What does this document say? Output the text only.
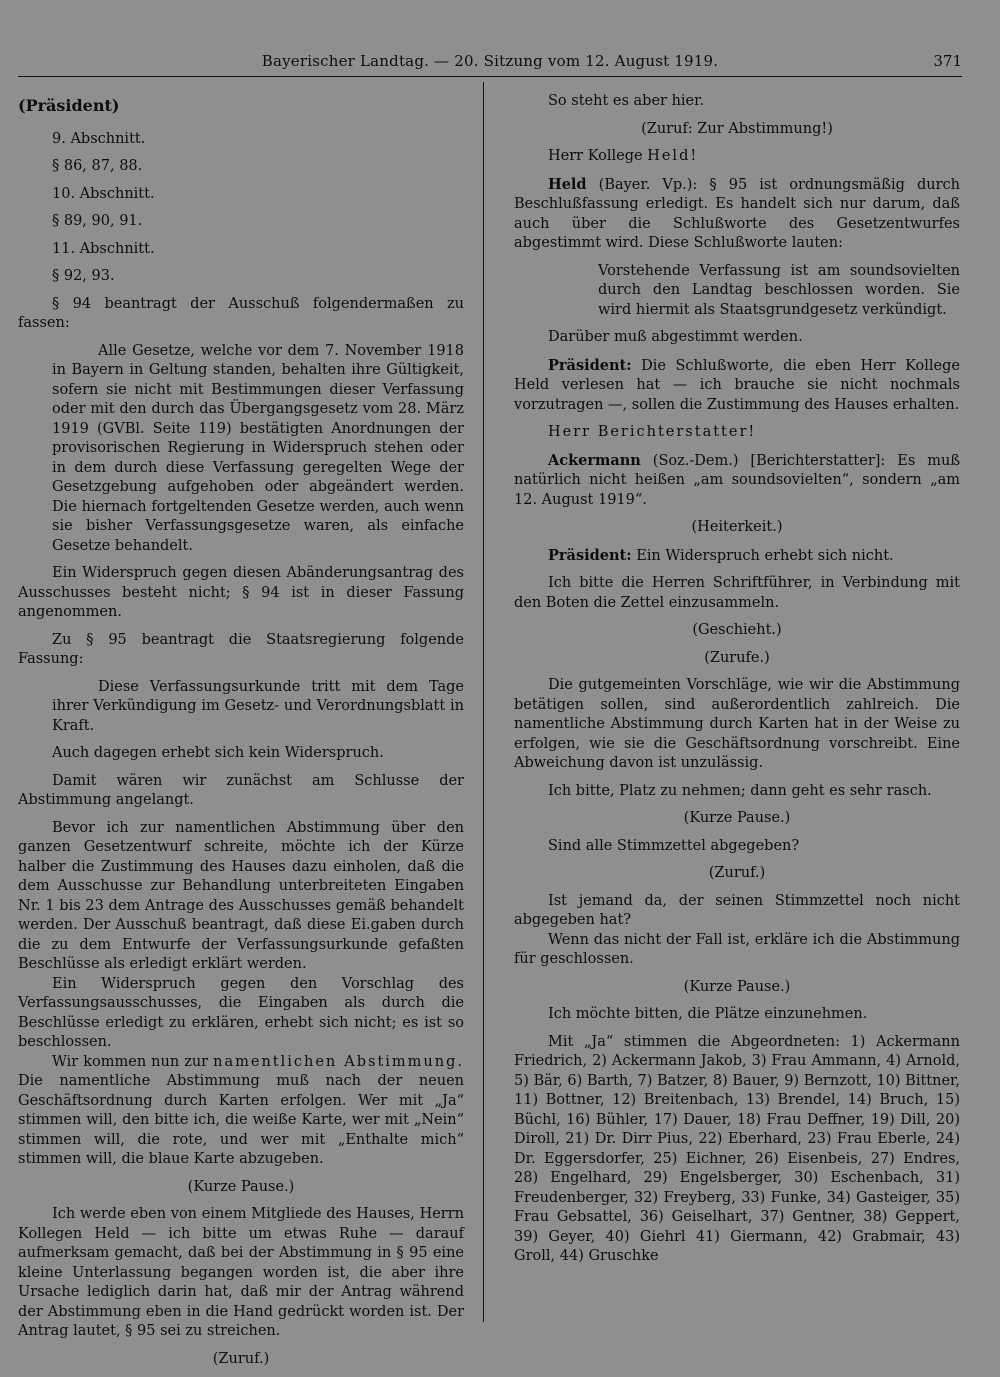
Bayerischer Landtag. — 20. Sitzung vom 12. August 1919.	371
(Präsident)

9. Abschnitt.

§ 86, 87, 88.

10. Abschnitt.

§ 89, 90, 91.

11. Abschnitt.

§ 92, 93.

§ 94 beantragt der Ausschuß folgendermaßen zu fassen:

Alle Gesetze, welche vor dem 7. November 1918 in Bayern in Geltung standen, behalten ihre Gültigkeit, sofern sie nicht mit Bestimmungen dieser Verfassung oder mit den durch das Übergangsgesetz vom 28. März 1919 (GVBl. Seite 119) bestätigten Anordnungen der provisorischen Regierung in Widerspruch stehen oder in dem durch diese Verfassung geregelten Wege der Gesetzgebung aufgehoben oder abgeändert werden. Die hiernach fortgeltenden Gesetze werden, auch wenn sie bisher Verfassungsgesetze waren, als einfache Gesetze behandelt.

Ein Widerspruch gegen diesen Abänderungsantrag des Ausschusses besteht nicht; § 94 ist in dieser Fassung angenommen.

Zu § 95 beantragt die Staatsregierung folgende Fassung:

Diese Verfassungsurkunde tritt mit dem Tage ihrer Verkündigung im Gesetz- und Verordnungsblatt in Kraft.

Auch dagegen erhebt sich kein Widerspruch.

Damit wären wir zunächst am Schlusse der Abstimmung angelangt.

Bevor ich zur namentlichen Abstimmung über den ganzen Gesetzentwurf schreite, möchte ich der Kürze halber die Zustimmung des Hauses dazu einholen, daß die dem Ausschusse zur Behandlung unterbreiteten Eingaben Nr. 1 bis 23 dem Antrage des Ausschusses gemäß behandelt werden. Der Ausschuß beantragt, daß diese Ei.gaben durch die zu dem Entwurfe der Verfassungsurkunde gefaßten Beschlüsse als erledigt erklärt werden.

Ein Widerspruch gegen den Vorschlag des Verfassungsausschusses, die Eingaben als durch die Beschlüsse erledigt zu erklären, erhebt sich nicht; es ist so beschlossen.

Wir kommen nun zur namentlichen Abstimmung. Die namentliche Abstimmung muß nach der neuen Geschäftsordnung durch Karten erfolgen. Wer mit „Ja“ stimmen will, den bitte ich, die weiße Karte, wer mit „Nein“ stimmen will, die rote, und wer mit „Enthalte mich“ stimmen will, die blaue Karte abzugeben.

(Kurze Pause.)

Ich werde eben von einem Mitgliede des Hauses, Herrn Kollegen Held — ich bitte um etwas Ruhe — darauf aufmerksam gemacht, daß bei der Abstimmung in § 95 eine kleine Unterlassung begangen worden ist, die aber ihre Ursache lediglich darin hat, daß mir der Antrag während der Abstimmung eben in die Hand gedrückt worden ist. Der Antrag lautet, § 95 sei zu streichen.

(Zuruf.)

So steht es aber hier.

(Zuruf: Zur Abstimmung!)

Herr Kollege Held!

Held (Bayer. Vp.): § 95 ist ordnungsmäßig durch Beschlußfassung erledigt. Es handelt sich nur darum, daß auch über die Schlußworte des Gesetzentwurfes abgestimmt wird. Diese Schlußworte lauten:

Vorstehende Verfassung ist am soundsovielten durch den Landtag beschlossen worden. Sie wird hiermit als Staatsgrundgesetz verkündigt.

Darüber muß abgestimmt werden.

Präsident: Die Schlußworte, die eben Herr Kollege Held verlesen hat — ich brauche sie nicht nochmals vorzutragen —, sollen die Zustimmung des Hauses erhalten.

Herr Berichterstatter!

Ackermann (Soz.-Dem.) [Berichterstatter]: Es muß natürlich nicht heißen „am soundsovielten“, sondern „am 12. August 1919“.

(Heiterkeit.)

Präsident: Ein Widerspruch erhebt sich nicht.

Ich bitte die Herren Schriftführer, in Verbindung mit den Boten die Zettel einzusammeln.

(Geschieht.)

(Zurufe.)

Die gutgemeinten Vorschläge, wie wir die Abstimmung betätigen sollen, sind außerordentlich zahlreich. Die namentliche Abstimmung durch Karten hat in der Weise zu erfolgen, wie sie die Geschäftsordnung vorschreibt. Eine Abweichung davon ist unzulässig.

Ich bitte, Platz zu nehmen; dann geht es sehr rasch.

(Kurze Pause.)

Sind alle Stimmzettel abgegeben?

(Zuruf.)

Ist jemand da, der seinen Stimmzettel noch nicht abgegeben hat?

Wenn das nicht der Fall ist, erkläre ich die Abstimmung für geschlossen.

(Kurze Pause.)

Ich möchte bitten, die Plätze einzunehmen.

Mit „Ja“ stimmen die Abgeordneten: 1) Ackermann Friedrich, 2) Ackermann Jakob, 3) Frau Ammann, 4) Arnold, 5) Bär, 6) Barth, 7) Batzer, 8) Bauer, 9) Bernzott, 10) Bittner, 11) Bottner, 12) Breitenbach, 13) Brendel, 14) Bruch, 15) Büchl, 16) Bühler, 17) Dauer, 18) Frau Deffner, 19) Dill, 20) Diroll, 21) Dr. Dirr Pius, 22) Eberhard, 23) Frau Eberle, 24) Dr. Eggersdorfer, 25) Eichner, 26) Eisenbeis, 27) Endres, 28) Engelhard, 29) Engelsberger, 30) Eschenbach, 31) Freudenberger, 32) Freyberg, 33) Funke, 34) Gasteiger, 35) Frau Gebsattel, 36) Geiselhart, 37) Gentner, 38) Geppert, 39) Geyer, 40) Giehrl 41) Giermann, 42) Grabmair, 43) Groll, 44) Gruschke
